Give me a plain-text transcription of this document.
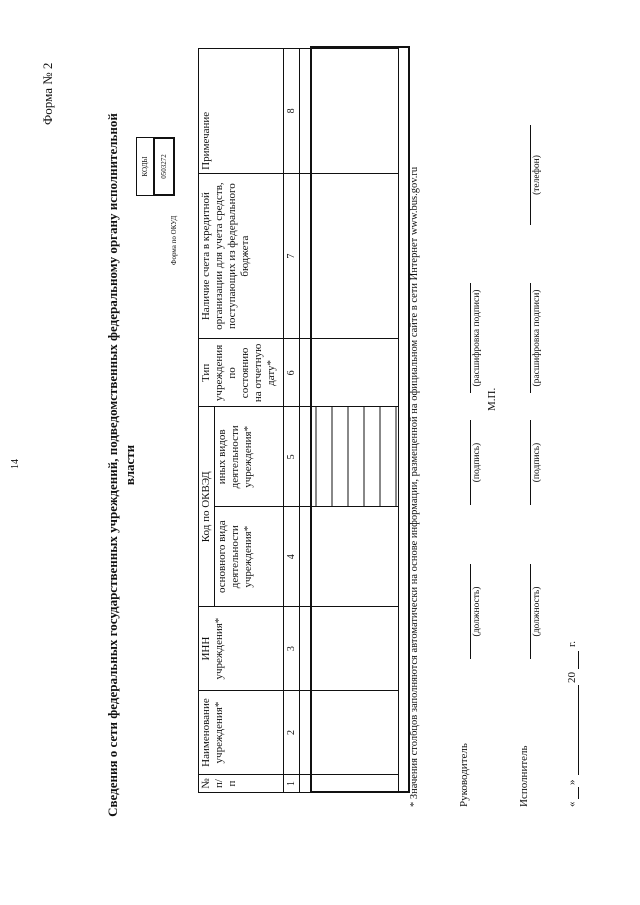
14
Форма № 2
Сведения о сети федеральных государственных учреждений, подведомственных федеральному органу исполнительной власти
Форма по ОКУД
КОДЫ	0503272
№ п/п	Наименование учреждения*	ИНН учреждения*	Код по ОКВЭД		Тип учреждения по состоянию на отчетную дату*	Наличие счета в кредитной организации для учета средств, поступающих из федерального бюджета	Примечание
			основного вида деятельности учреждения*	иных видов деятельности учреждения*			
1	2	3	4	5	6	7	8

* Значения столбцов заполняются автоматически на основе информации, размещенной на официальном сайте в сети Интернет www.bus.gov.ru	Руководитель
(должность)
(подпись)
М.П.
(расшифровка подписи)
Исполнитель
(должность)
(подпись)
(расшифровка подписи)
(телефон)
«
»
20
г.
